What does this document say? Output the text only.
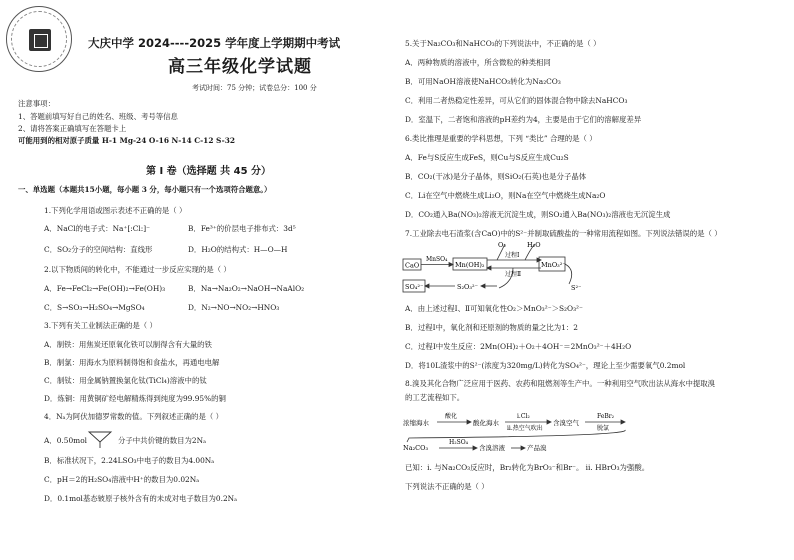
大庆中学 2024----2025 学年度上学期期中考试
高三年级化学试题
考试时间：75 分钟；试卷总分：100 分
注意事项：
1、答题前填写好自己的姓名、班级、考号等信息
2、请将答案正确填写在答题卡上
可能用到的相对原子质量 H-1 Mg-24 O-16 N-14 C-12 S-32
第 I 卷（选择题 共 45 分）
一、单选题（本题共15小题，每小题 3 分，每小题只有一个选项符合题意。）
1.下列化学用语或图示表述不正确的是（ ）
A．NaCl的电子式：Na⁺[:Cl:]⁻	B．Fe³⁺的价层电子排布式：3d⁵
C．SO₂分子的空间结构：直线形	D．H₂O的结构式：H—O—H
2.以下物质间的转化中，不能通过一步反应实现的是（ ）
A．Fe→FeCl₂→Fe(OH)₂→Fe(OH)₃	B．Na→Na₂O₂→NaOH→NaAlO₂
C．S→SO₃→H₂SO₄→MgSO₄	D．N₂→NO→NO₂→HNO₃
3.下列有关工业制法正确的是（ ）
A．制铁：用焦炭还原氧化铁可以制得含有大量的铁
B．制氯：用海水为原料制得饱和食盐水，再通电电解
C．制钛：用金属钠置换氯化钛(TiCl₄)溶液中的钛
D．炼铜：用黄铜矿经电解精炼得到纯度为99.95%的铜
4．Nₐ为阿伏加德罗常数的值。下列叙述正确的是（ ）
A．0.50mol	分子中共价键的数目为2Nₐ
B．标准状况下，2.24LSO₃中电子的数目为4.00Nₐ
C．pH＝2的H₂SO₄溶液中H⁺的数目为0.02Nₐ
D．0.1mol基态铍原子核外含有的未成对电子数目为0.2Nₐ
5.关于Na₂CO₃和NaHCO₃的下列说法中，不正确的是（ ）
A．两种物质的溶液中，所含微粒的种类相同
B．可用NaOH溶液使NaHCO₃转化为Na₂CO₃
C．利用二者热稳定性差异，可从它们的固体混合物中除去NaHCO₃
D．室温下，二者饱和溶液的pH差约为4，主要是由于它们的溶解度差异
6.类比推理是重要的学科思想，下列 “类比” 合理的是（ ）
A．Fe与S反应生成FeS，则Cu与S反应生成Cu₂S
B．CO₂(干冰)是分子晶体，则SiO₂(石英)也是分子晶体
C．Li在空气中燃烧生成Li₂O，则Na在空气中燃烧生成Na₂O
D．CO₂通入Ba(NO₃)₂溶液无沉淀生成，则SO₂通入Ba(NO₃)₂溶液也无沉淀生成
7.工业除去电石渣浆(含CaO)中的S²⁻并制取硫酸盐的一种常用流程如图。下列说法错误的是（ ）
O₂	H₂O
CaO
MnSO₄
Mn(OH)₂
过程Ⅰ
过程Ⅱ
MnO₃²⁻
SO₄²⁻	S₂O₃²⁻	S²⁻
A．由上述过程Ⅰ、Ⅱ可知氧化性O₂＞MnO₃²⁻＞S₂O₃²⁻
B．过程Ⅰ中，氧化剂和还原剂的物质的量之比为1：2
C．过程Ⅰ中发生反应：2Mn(OH)₂＋O₂＋4OH⁻＝2MnO₃²⁻＋4H₂O
D．将10L渣浆中的S²⁻(浓度为320mg/L)转化为SO₄²⁻，理论上至少需要氧气0.2mol
8.溴及其化合物广泛应用于医药、农药和阻燃剂等生产中。一种利用空气吹出法从海水中提取溴
的工艺流程如下。
浓缩海水
酸化
酸化海水
i.Cl₂
ii.热空气吹出
含溴空气
FeBr₂
脱氯
Na₂CO₃
H₂SO₄
含溴溶液	产品溴
已知：i. 与Na₂CO₃反应时，Br₂转化为BrO₃⁻和Br⁻。 ii. HBrO₃为强酸。
下列说法不正确的是（ ）
